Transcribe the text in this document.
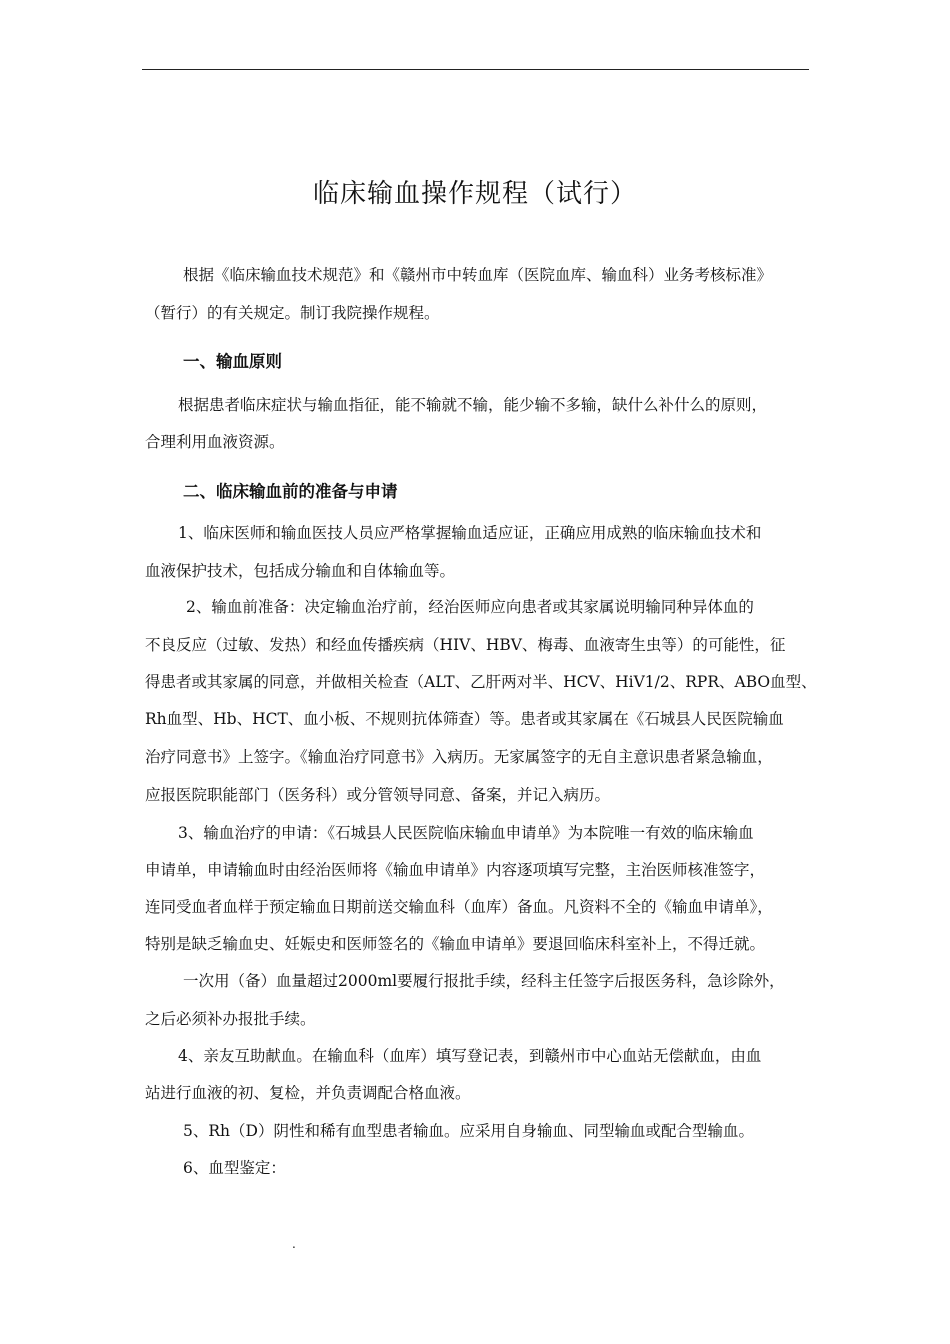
临床输血操作规程（试行）
根据《临床输血技术规范》和《赣州市中转血库（医院血库、输血科）业务考核标准》
（暂行）的有关规定。制订我院操作规程。
一、输血原则
根据患者临床症状与输血指征，能不输就不输，能少输不多输，缺什么补什么的原则，
合理利用血液资源。
二、临床输血前的准备与申请
1、临床医师和输血医技人员应严格掌握输血适应证，正确应用成熟的临床输血技术和
血液保护技术，包括成分输血和自体输血等。
2、输血前准备：决定输血治疗前，经治医师应向患者或其家属说明输同种异体血的
不良反应（过敏、发热）和经血传播疾病（HIV、HBV、梅毒、血液寄生虫等）的可能性，征
得患者或其家属的同意，并做相关检查（ALT、乙肝两对半、HCV、HiV1/2、RPR、ABO血型、
Rh血型、Hb、HCT、血小板、不规则抗体筛查）等。患者或其家属在《石城县人民医院输血
治疗同意书》上签字。《输血治疗同意书》入病历。无家属签字的无自主意识患者紧急输血，
应报医院职能部门（医务科）或分管领导同意、备案，并记入病历。
3、输血治疗的申请：《石城县人民医院临床输血申请单》为本院唯一有效的临床输血
申请单，申请输血时由经治医师将《输血申请单》内容逐项填写完整，主治医师核准签字，
连同受血者血样于预定输血日期前送交输血科（血库）备血。凡资料不全的《输血申请单》，
特别是缺乏输血史、妊娠史和医师签名的《输血申请单》要退回临床科室补上，不得迁就。
一次用（备）血量超过2000ml要履行报批手续，经科主任签字后报医务科，急诊除外，
之后必须补办报批手续。
4、亲友互助献血。在输血科（血库）填写登记表，到赣州市中心血站无偿献血，由血
站进行血液的初、复检，并负责调配合格血液。
5、Rh（D）阴性和稀有血型患者输血。应采用自身输血、同型输血或配合型输血。
6、血型鉴定：
.
